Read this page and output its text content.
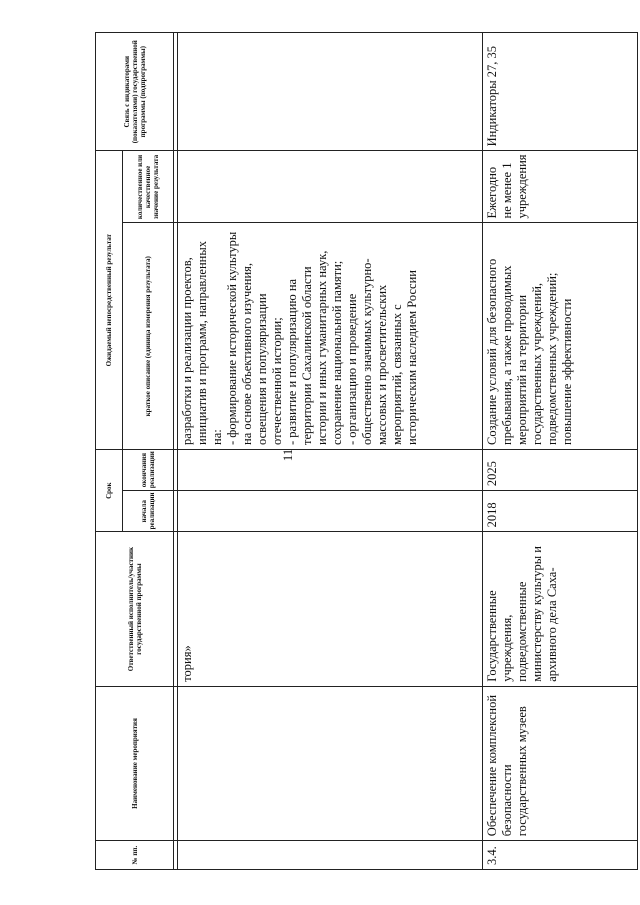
11
№ пп.	Наименование мероприятия	Ответственный исполнитель/участник государственной программы	Срок		Ожидаемый непосредственный результат		Связь с индикаторами (показателями) государственной программы (подпрограммы)
			начала реализации	окончания реализации	краткое описание (единица измерения результата)	количественное или качественное значение результата	

		тория»			разработки и реализации проектов, инициатив и программ, направленных на:
- формирование исторической культуры на основе объективного изучения, освещения и популяризации отечественной истории;
- развитие и популяризацию на территории Сахалинской области истории и иных гуманитарных наук, сохранение национальной памяти;
- организацию и проведение общественно значимых культурно-массовых и просветительских мероприятий, связанных с историческим наследием России		
3.4.	Обеспечение комплексной безопасности государственных музеев	Государственные учреждения, подведомственные министерству культуры и архивного дела Саха-	2018	2025	Создание условий для безопасного пребывания, а также проводимых мероприятий на территории государственных учреждений, подведомственных учреждений; повышение эффективности	Ежегодно не менее 1 учреждения	Индикаторы 27, 35
